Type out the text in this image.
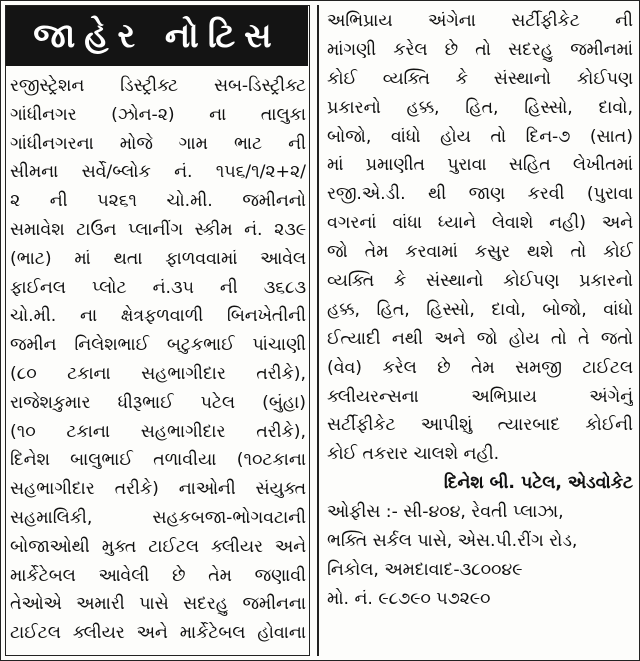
જાહેર નોટિસ
રજીસ્ટ્રેશન ડિસ્ટ્રીક્ટ સબ-ડિસ્ટ્રીક્ટ
ગાંધીનગર (ઝોન-૨) ના તાલુકા
ગાંધીનગરના મોજે ગામ ભાટ ની
સીમના સર્વે/બ્લોક નં. ૧૫૬/૧/૨+૨/
૨ ની ૫૨૬૧ ચો.મી. જમીનનો
સમાવેશ ટાઉન પ્લાનીંગ સ્કીમ નં. ૨૩૯
(ભાટ) માં થતા ફાળવવામાં આવેલ
ફાઈનલ પ્લોટ નં.૩૫ ની ૩૬૮૩
ચો.મી. ના ક્ષેત્રફળવાળી બિનખેતીની
જમીન નિલેશભાઈ બટુકભાઈ પાંચાણી
(૮૦ ટકાના સહભાગીદાર તરીકે),
રાજેશકુમાર ધીરૂભાઈ પટેલ (બુંહા)
(૧૦ ટકાના સહભાગીદાર તરીકે),
દિનેશ બાલુભાઈ તળાવીયા (૧૦ટકાના
સહભાગીદાર તરીકે) નાઓની સંયુક્ત
સહમાલિકી, સહકબજા-ભોગવટાની
બોજાઓથી મુક્ત ટાઈટલ ક્લીયર અને
માર્કેટેબલ આવેલી છે તેમ જણાવી
તેઓએ અમારી પાસે સદરહુ જમીનના
ટાઈટલ ક્લીયર અને માર્કેટેબલ હોવાના
અભિપ્રાય અંગેના સર્ટીફીકેટ ની
માંગણી કરેલ છે તો સદરહુ જમીનમાં
કોઈ વ્યક્તિ કે સંસ્થાનો કોઈપણ
પ્રકારનો હક્ક, હિત, હિસ્સો, દાવો,
બોજો, વાંધો હોય તો દિન-૭ (સાત)
માં પ્રમાણીત પુરાવા સહિત લેખીતમાં
રજી.એ.ડી. થી જાણ કરવી (પુરાવા
વગરનાં વાંધા ધ્યાને લેવાશે નહી) અને
જો તેમ કરવામાં કસુર થશે તો કોઈ
વ્યક્તિ કે સંસ્થાનો કોઈપણ પ્રકારનો
હક્ક, હિત, હિસ્સો, દાવો, બોજો, વાંધો
ઈત્યાદી નથી અને જો હોય તો તે જતો
(વેવ) કરેલ છે તેમ સમજી ટાઈટલ
ક્લીયરન્સના અભિપ્રાય અંગેનું
સર્ટીફીકેટ આપીશું ત્યારબાદ કોઈની
કોઈ તકરાર ચાલશે નહી.
દિનેશ બી. પટેલ, એડવોકેટ
ઓફીસ :- સી-૪૦૪, રેવતી પ્લાઝા,
ભક્તિ સર્કલ પાસે, એસ.પી.રીંગ રોડ,
નિકોલ, અમદાવાદ-૩૮૦૦૪૯
મો. નં. ૯૮૭૯૦ ૫૭૨૯૦
